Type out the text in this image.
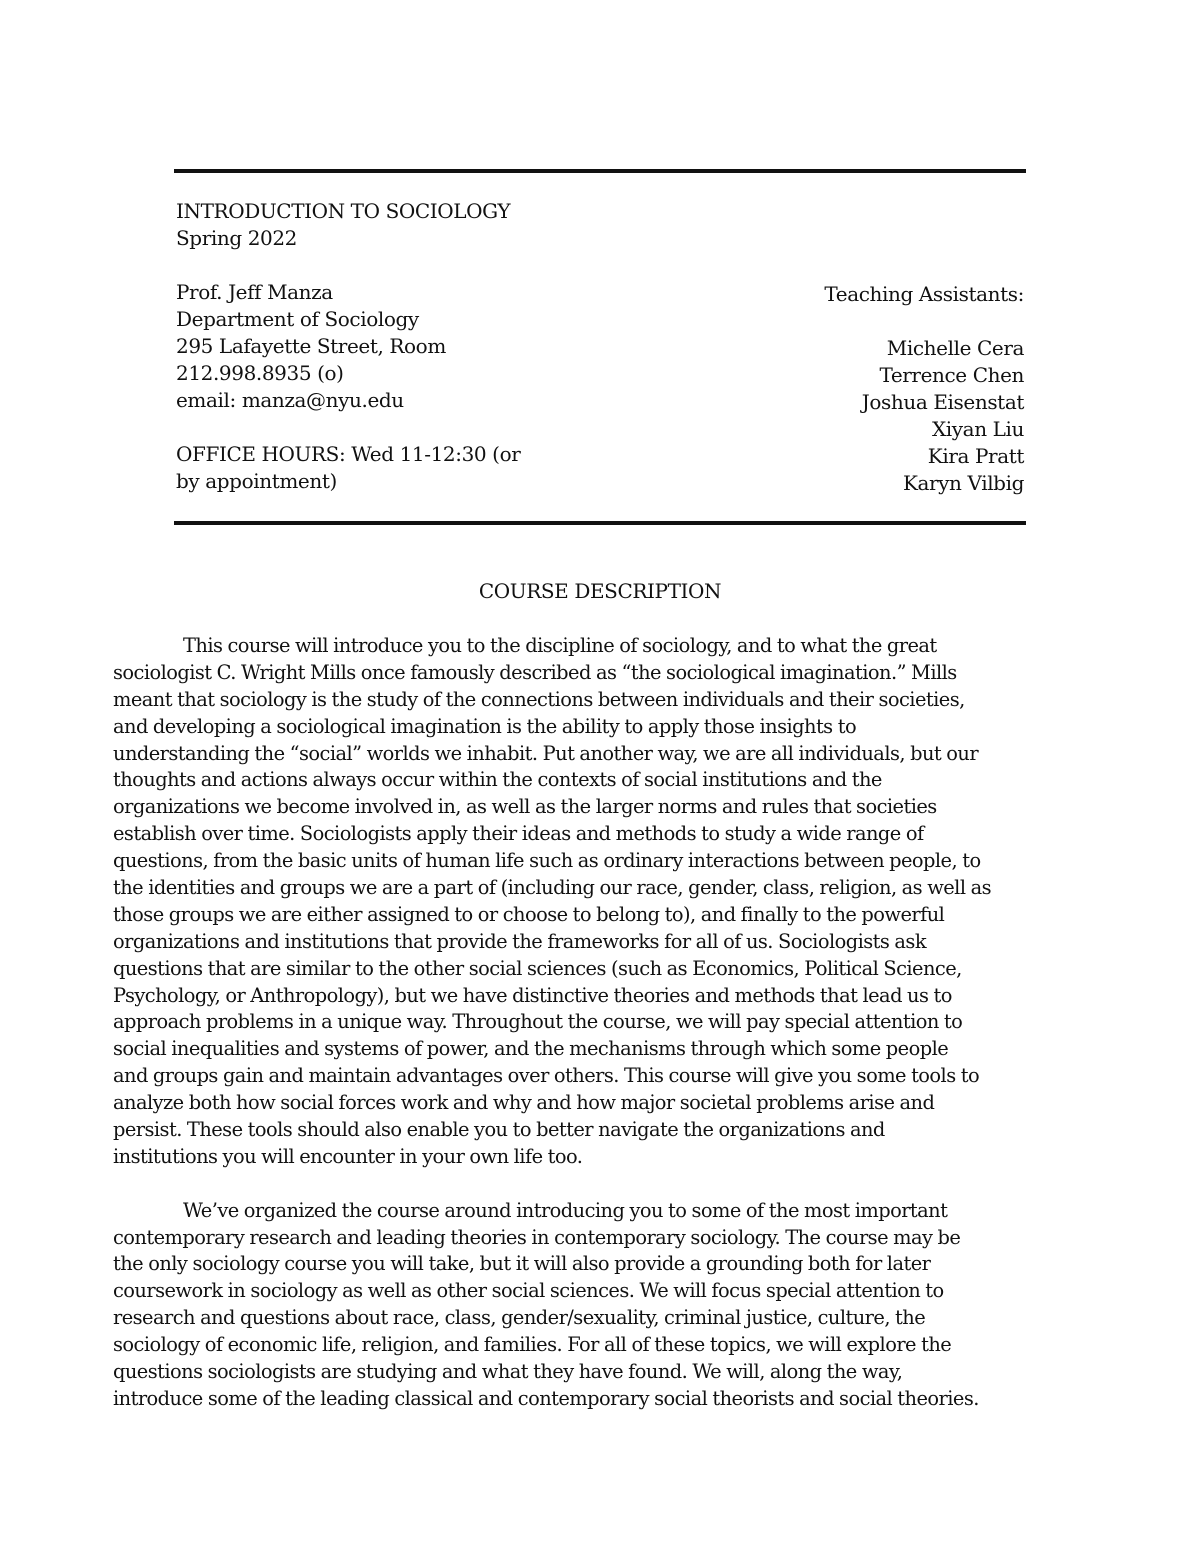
INTRODUCTION TO SOCIOLOGY
Spring 2022
Prof. Jeff Manza
Department of Sociology
295 Lafayette Street, Room
212.998.8935 (o)
email: manza@nyu.edu
OFFICE HOURS: Wed 11-12:30 (or
by appointment)
Teaching Assistants:
Michelle Cera
Terrence Chen
Joshua Eisenstat
Xiyan Liu
Kira Pratt
Karyn Vilbig
COURSE DESCRIPTION
This course will introduce you to the discipline of sociology, and to what the great
sociologist C. Wright Mills once famously described as “the sociological imagination.” Mills
meant that sociology is the study of the connections between individuals and their societies,
and developing a sociological imagination is the ability to apply those insights to
understanding the “social” worlds we inhabit. Put another way, we are all individuals, but our
thoughts and actions always occur within the contexts of social institutions and the
organizations we become involved in, as well as the larger norms and rules that societies
establish over time. Sociologists apply their ideas and methods to study a wide range of
questions, from the basic units of human life such as ordinary interactions between people, to
the identities and groups we are a part of (including our race, gender, class, religion, as well as
those groups we are either assigned to or choose to belong to), and finally to the powerful
organizations and institutions that provide the frameworks for all of us. Sociologists ask
questions that are similar to the other social sciences (such as Economics, Political Science,
Psychology, or Anthropology), but we have distinctive theories and methods that lead us to
approach problems in a unique way. Throughout the course, we will pay special attention to
social inequalities and systems of power, and the mechanisms through which some people
and groups gain and maintain advantages over others. This course will give you some tools to
analyze both how social forces work and why and how major societal problems arise and
persist. These tools should also enable you to better navigate the organizations and
institutions you will encounter in your own life too.
We’ve organized the course around introducing you to some of the most important
contemporary research and leading theories in contemporary sociology. The course may be
the only sociology course you will take, but it will also provide a grounding both for later
coursework in sociology as well as other social sciences. We will focus special attention to
research and questions about race, class, gender/sexuality, criminal justice, culture, the
sociology of economic life, religion, and families. For all of these topics, we will explore the
questions sociologists are studying and what they have found. We will, along the way,
introduce some of the leading classical and contemporary social theorists and social theories.
